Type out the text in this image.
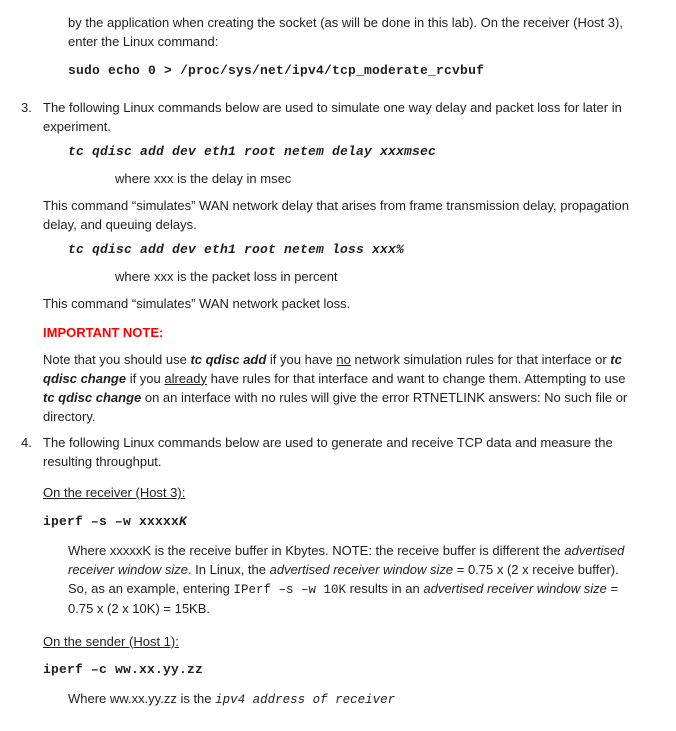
by the application when creating the socket (as will be done in this lab). On the receiver (Host 3), enter the Linux command:

sudo echo 0 > /proc/sys/net/ipv4/tcp_moderate_rcvbuf

3. The following Linux commands below are used to simulate one way delay and packet loss for later in experiment.

tc qdisc add dev eth1 root netem delay xxxmsec

where xxx is the delay in msec

This command “simulates” WAN network delay that arises from frame transmission delay, propagation delay, and queuing delays.

tc qdisc add dev eth1 root netem loss xxx%

where xxx is the packet loss in percent

This command “simulates” WAN network packet loss.

IMPORTANT NOTE:

Note that you should use tc qdisc add if you have no network simulation rules for that interface or tc qdisc change if you already have rules for that interface and want to change them. Attempting to use tc qdisc change on an interface with no rules will give the error RTNETLINK answers: No such file or directory.

4. The following Linux commands below are used to generate and receive TCP data and measure the resulting throughput.

On the receiver (Host 3):

iperf –s –w xxxxxK

Where xxxxxK is the receive buffer in Kbytes. NOTE: the receive buffer is different the advertised receiver window size. In Linux, the advertised receiver window size = 0.75 x (2 x receive buffer). So, as an example, entering IPerf –s –w 10K results in an advertised receiver window size = 0.75 x (2 x 10K) = 15KB.

On the sender (Host 1):

iperf –c ww.xx.yy.zz

Where ww.xx.yy.zz is the ipv4 address of receiver
